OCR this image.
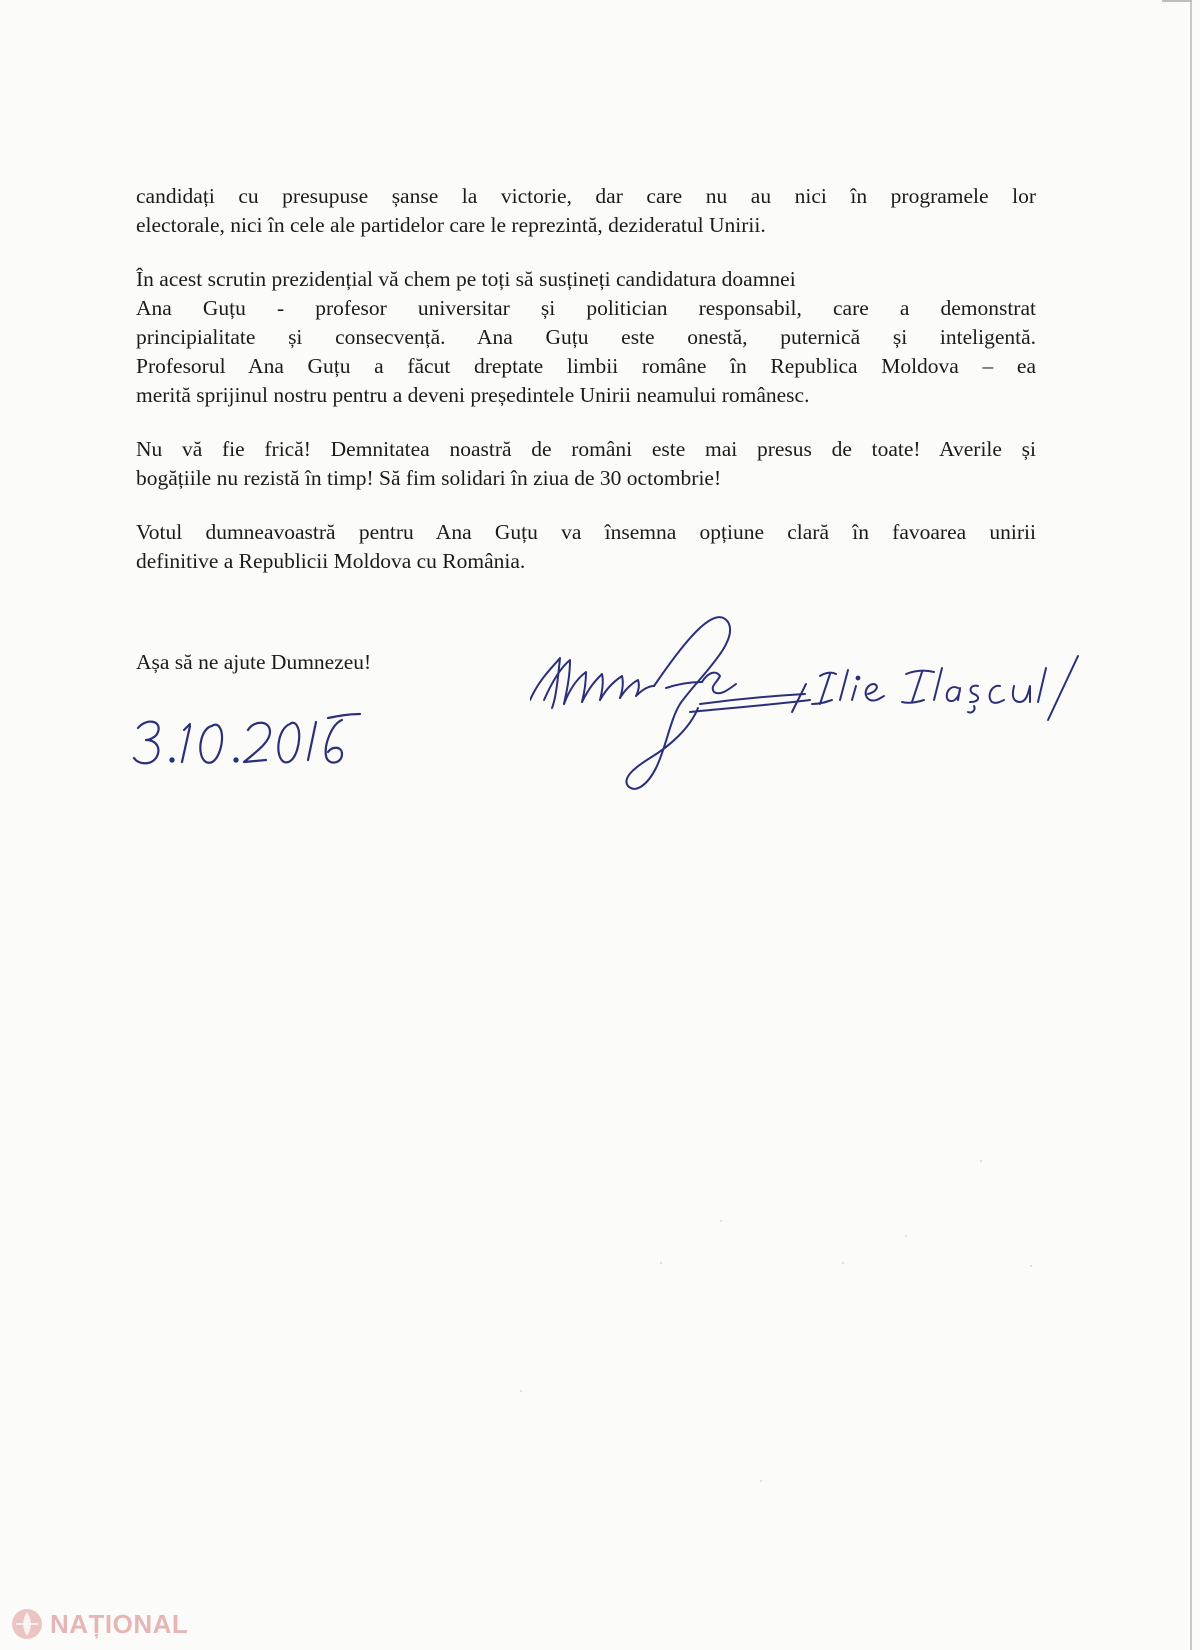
candidați cu presupuse șanse la victorie, dar care nu au nici în programele lor
electorale, nici în cele ale partidelor care le reprezintă, dezideratul Unirii.

În acest scrutin prezidențial vă chem pe toți să susțineți candidatura doamnei
Ana Guțu - profesor universitar și politician responsabil, care a demonstrat
principialitate și consecvență. Ana Guțu este onestă, puternică și inteligentă.
Profesorul Ana Guțu a făcut dreptate limbii române în Republica Moldova – ea
merită sprijinul nostru pentru a deveni președintele Unirii neamului românesc.

Nu vă fie frică! Demnitatea noastră de români este mai presus de toate! Averile și
bogățiile nu rezistă în timp! Să fim solidari în ziua de 30 octombrie!

Votul dumneavoastră pentru Ana Guțu va însemna opțiune clară în favoarea unirii
definitive a Republicii Moldova cu România.

Așa să ne ajute Dumnezeu!
NAȚIONAL
